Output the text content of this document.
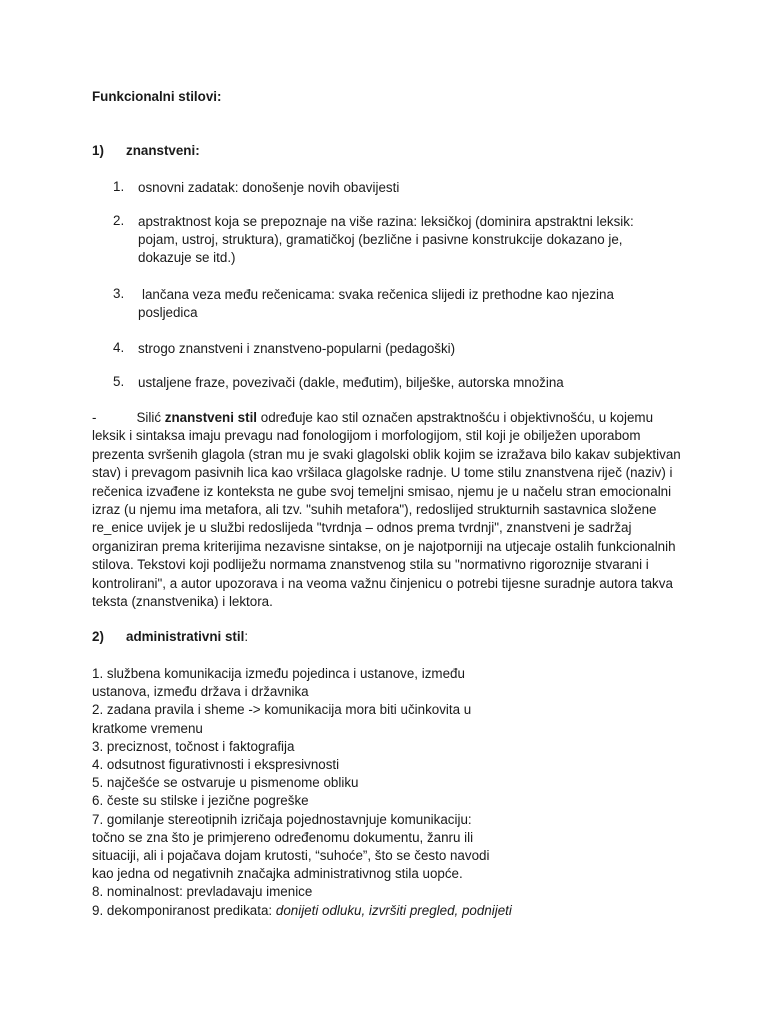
Funkcionalni stilovi:
1) znanstveni:
1. osnovni zadatak: donošenje novih obavijesti
2. apstraktnost koja se prepoznaje na više razina: leksičkoj (dominira apstraktni leksik:
pojam, ustroj, struktura), gramatičkoj (bezlične i pasivne konstrukcije dokazano je,
dokazuje se itd.)
3. lančana veza među rečenicama: svaka rečenica slijedi iz prethodne kao njezina
posljedica
4. strogo znanstveni i znanstveno-popularni (pedagoški)
5. ustaljene fraze, povezivači (dakle, međutim), bilješke, autorska množina
-	Silić znanstveni stil određuje kao stil označen apstraktnošću i objektivnošću, u kojemu leksik i sintaksa imaju prevagu nad fonologijom i morfologijom, stil koji je obilježen uporabom prezenta svršenih glagola (stran mu je svaki glagolski oblik kojim se izražava bilo kakav subjektivan stav) i prevagom pasivnih lica kao vršilaca glagolske radnje. U tome stilu znanstvena riječ (naziv) i rečenica izvađene iz konteksta ne gube svoj temeljni smisao, njemu je u načelu stran emocionalni izraz (u njemu ima metafora, ali tzv. "suhih metafora"), redoslijed strukturnih sastavnica složene re_enice uvijek je u službi redoslijeda "tvrdnja – odnos prema tvrdnji", znanstveni je sadržaj organiziran prema kriterijima nezavisne sintakse, on je najotporniji na utjecaje ostalih funkcionalnih stilova. Tekstovi koji podliježu normama znanstvenog stila su "normativno rigoroznije stvarani i kontrolirani", a autor upozorava i na veoma važnu činjenicu o potrebi tijesne suradnje autora takva teksta (znanstvenika) i lektora.
2) administrativni stil:
1. službena komunikacija između pojedinca i ustanove, između
ustanova, između država i državnika
2. zadana pravila i sheme -> komunikacija mora biti učinkovita u
kratkome vremenu
3. preciznost, točnost i faktografija
4. odsutnost figurativnosti i ekspresivnosti
5. najčešće se ostvaruje u pismenome obliku
6. česte su stilske i jezične pogreške
7. gomilanje stereotipnih izričaja pojednostavnjuje komunikaciju:
točno se zna što je primjereno određenomu dokumentu, žanru ili
situaciji, ali i pojačava dojam krutosti, “suhoće”, što se često navodi
kao jedna od negativnih značajka administrativnog stila uopće.
8. nominalnost: prevladavaju imenice
9. dekomponiranost predikata: donijeti odluku, izvršiti pregled, podnijeti
